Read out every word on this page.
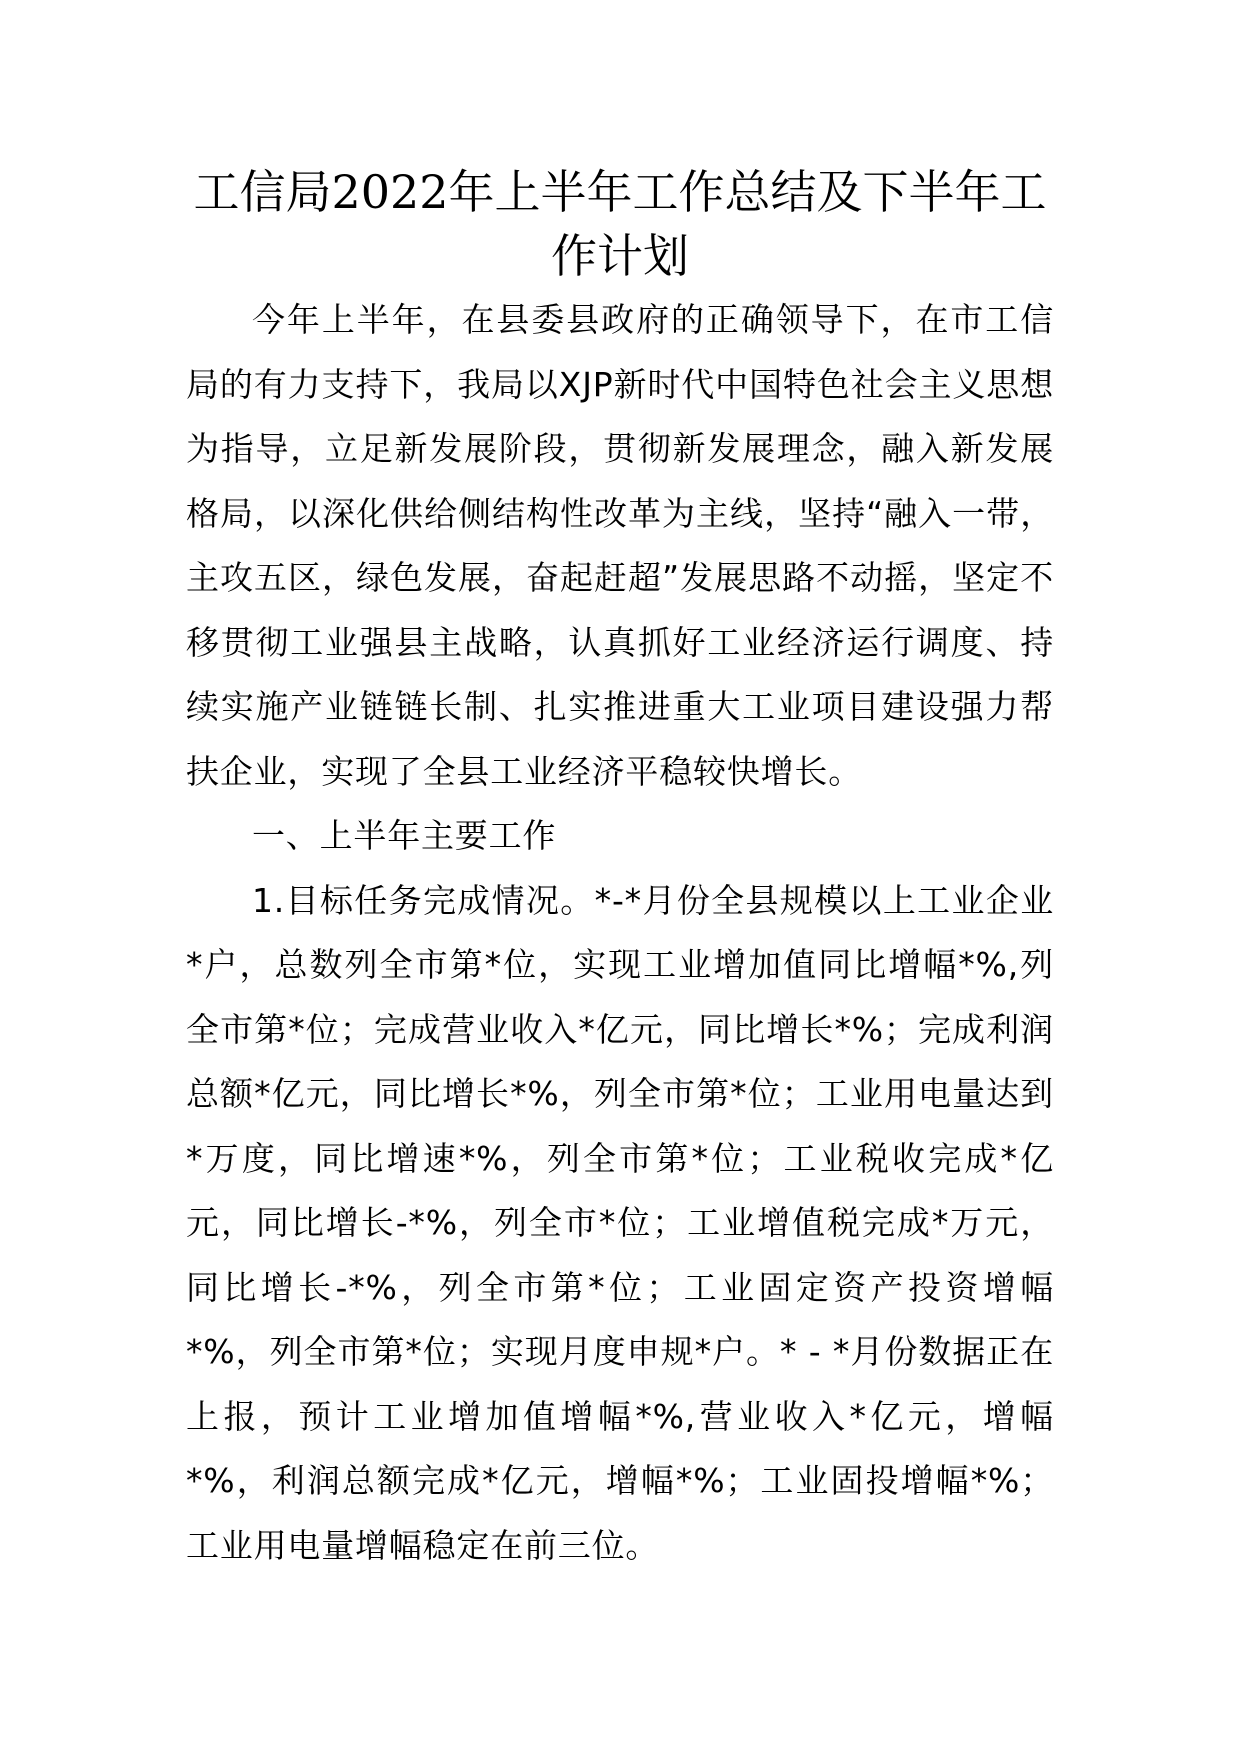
工信局2022年上半年工作总结及下半年工作计划

今年上半年，在县委县政府的正确领导下，在市工信局的有力支持下，我局以XJP新时代中国特色社会主义思想为指导，立足新发展阶段，贯彻新发展理念，融入新发展格局，以深化供给侧结构性改革为主线，坚持“融入一带，主攻五区，绿色发展，奋起赶超”发展思路不动摇，坚定不移贯彻工业强县主战略，认真抓好工业经济运行调度、持续实施产业链链长制、扎实推进重大工业项目建设强力帮扶企业，实现了全县工业经济平稳较快增长。

一、上半年主要工作

1.目标任务完成情况。*-*月份全县规模以上工业企业*户，总数列全市第*位，实现工业增加值同比增幅*%,列全市第*位；完成营业收入*亿元，同比增长*%；完成利润总额*亿元，同比增长*%，列全市第*位；工业用电量达到*万度，同比增速*%，列全市第*位；工业税收完成*亿元，同比增长-*%，列全市*位；工业增值税完成*万元，同比增长-*%，列全市第*位；工业固定资产投资增幅*%，列全市第*位；实现月度申规*户。* - *月份数据正在上报，预计工业增加值增幅*%,营业收入*亿元，增幅*%，利润总额完成*亿元，增幅*%；工业固投增幅*%；工业用电量增幅稳定在前三位。
